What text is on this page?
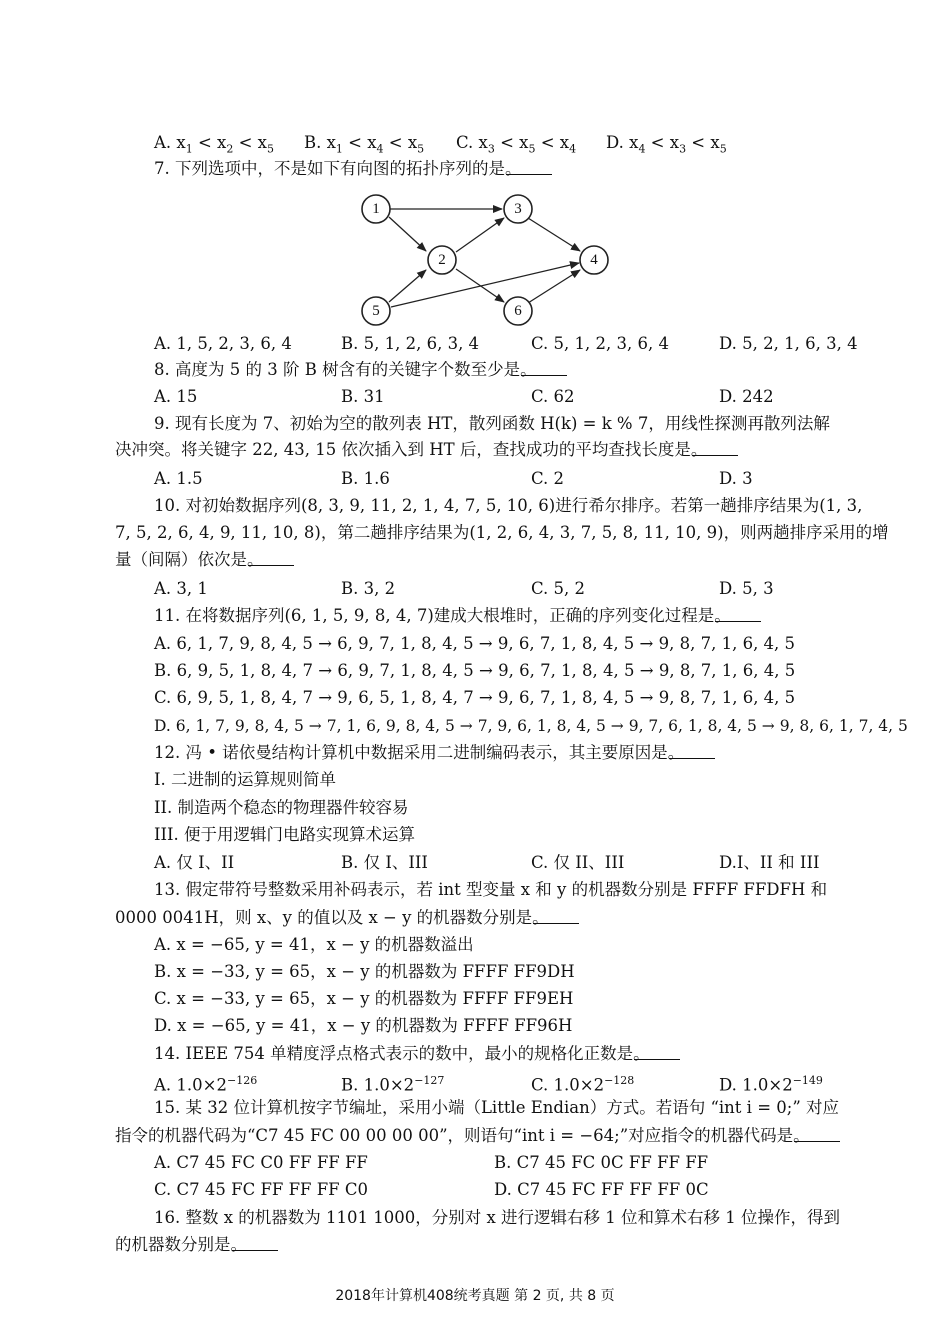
A. $x_1 < x_2 < x_5$ B. $x_1 < x_4 < x_5$ C. $x_3 < x_5 < x_4$ D. $x_4 < x_3 < x_5$
7. 下列选项中，不是如下有向图的拓扑序列的是
。
1
2
3
4
5	6
A. 1, 5, 2, 3, 6, 4	B. 5, 1, 2, 6, 3, 4	C. 5, 1, 2, 3, 6, 4	D. 5, 2, 1, 6, 3, 4
8. 高度为 5 的 3 阶 B 树含有的关键字个数至少是
。
A. 15	B. 31	C. 62	D. 242
9. 现有长度为 7、初始为空的散列表 HT，散列函数 H(k) = k % 7，用线性探测再散列法解
决冲突。将关键字 22, 43, 15 依次插入到 HT 后，查找成功的平均查找长度是
。
A. 1.5	B. 1.6	C. 2	D. 3
10. 对初始数据序列(8, 3, 9, 11, 2, 1, 4, 7, 5, 10, 6)进行希尔排序。若第一趟排序结果为(1, 3,
7, 5, 2, 6, 4, 9, 11, 10, 8)，第二趟排序结果为(1, 2, 6, 4, 3, 7, 5, 8, 11, 10, 9)，则两趟排序采用的增
量（间隔）依次是
。
A. 3, 1	B. 3, 2	C. 5, 2	D. 5, 3
11. 在将数据序列(6, 1, 5, 9, 8, 4, 7)建成大根堆时，正确的序列变化过程是
。
A. 6, 1, 7, 9, 8, 4, 5 → 6, 9, 7, 1, 8, 4, 5 → 9, 6, 7, 1, 8, 4, 5 → 9, 8, 7, 1, 6, 4, 5
B. 6, 9, 5, 1, 8, 4, 7 → 6, 9, 7, 1, 8, 4, 5 → 9, 6, 7, 1, 8, 4, 5 → 9, 8, 7, 1, 6, 4, 5
C. 6, 9, 5, 1, 8, 4, 7 → 9, 6, 5, 1, 8, 4, 7 → 9, 6, 7, 1, 8, 4, 5 → 9, 8, 7, 1, 6, 4, 5
D. 6, 1, 7, 9, 8, 4, 5 → 7, 1, 6, 9, 8, 4, 5 → 7, 9, 6, 1, 8, 4, 5 → 9, 7, 6, 1, 8, 4, 5 → 9, 8, 6, 1, 7, 4, 5
12. 冯 • 诺依曼结构计算机中数据采用二进制编码表示，其主要原因是
。
I. 二进制的运算规则简单
II. 制造两个稳态的物理器件较容易
III. 便于用逻辑门电路实现算术运算
A. 仅 I、II	B. 仅 I、III	C. 仅 II、III	D.I、II 和 III
13. 假定带符号整数采用补码表示，若 int 型变量 x 和 y 的机器数分别是 FFFF FFDFH 和
0000 0041H，则 x、y 的值以及 x − y 的机器数分别是
。
A. x = −65, y = 41，x − y 的机器数溢出
B. x = −33, y = 65，x − y 的机器数为 FFFF FF9DH
C. x = −33, y = 65，x − y 的机器数为 FFFF FF9EH
D. x = −65, y = 41，x − y 的机器数为 FFFF FF96H
14. IEEE 754 单精度浮点格式表示的数中，最小的规格化正数是
。
A. $1.0\times 2^{-126}$	B. $1.0\times 2^{-127}$	C. $1.0\times 2^{-128}$	D. $1.0\times 2^{-149}$
15. 某 32 位计算机按字节编址，采用小端（Little Endian）方式。若语句 “int i = 0;” 对应
指令的机器代码为“C7 45 FC 00 00 00 00”，则语句“int i = −64;”对应指令的机器代码是
。
A. C7 45 FC C0 FF FF FF	B. C7 45 FC 0C FF FF FF
C. C7 45 FC FF FF FF C0	D. C7 45 FC FF FF FF 0C
16. 整数 x 的机器数为 1101 1000，分别对 x 进行逻辑右移 1 位和算术右移 1 位操作，得到
的机器数分别是
。
2018年计算机408统考真题 第 2 页, 共 8 页
